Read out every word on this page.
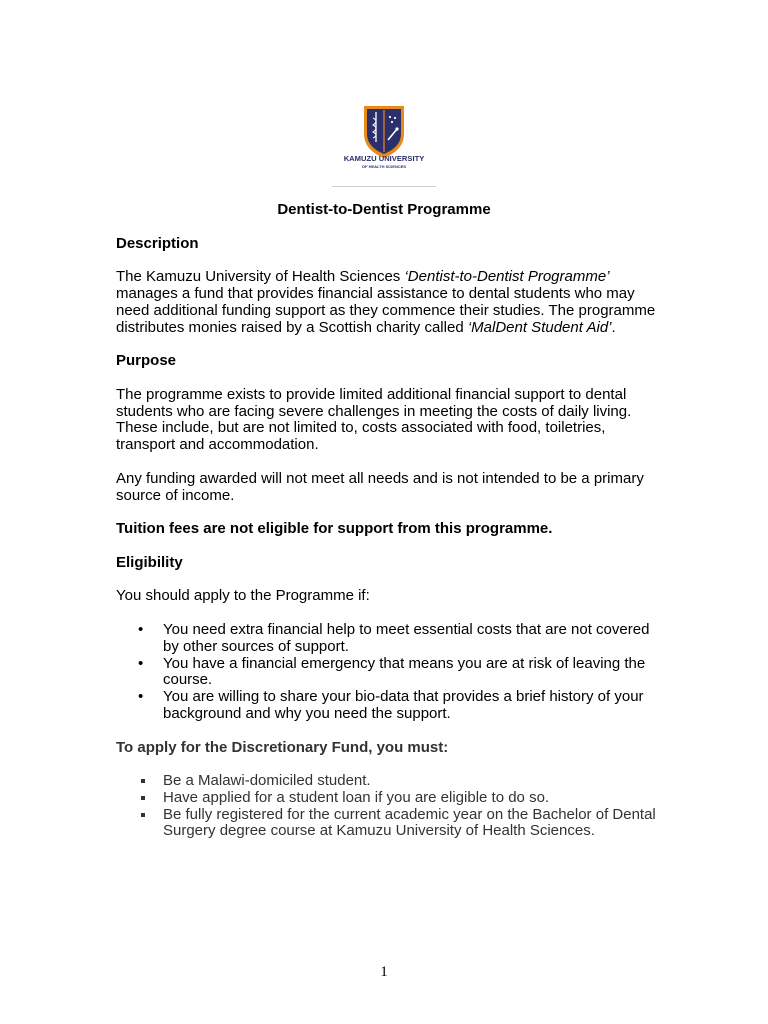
KAMUZU UNIVERSITY
OF HEALTH SCIENCES

Dentist-to-Dentist Programme

Description

The Kamuzu University of Health Sciences ‘Dentist-to-Dentist Programme’ manages a fund that provides financial assistance to dental students who may need additional funding support as they commence their studies. The programme distributes monies raised by a Scottish charity called ‘MalDent Student Aid’.

Purpose

The programme exists to provide limited additional financial support to dental students who are facing severe challenges in meeting the costs of daily living. These include, but are not limited to, costs associated with food, toiletries, transport and accommodation.

Any funding awarded will not meet all needs and is not intended to be a primary source of income.

Tuition fees are not eligible for support from this programme.

Eligibility

You should apply to the Programme if:

• You need extra financial help to meet essential costs that are not covered by other sources of support.
• You have a financial emergency that means you are at risk of leaving the course.
• You are willing to share your bio-data that provides a brief history of your background and why you need the support.
To apply for the Discretionary Fund, you must:
Be a Malawi-domiciled student.
Have applied for a student loan if you are eligible to do so.
Be fully registered for the current academic year on the Bachelor of Dental Surgery degree course at Kamuzu University of Health Sciences.
1
